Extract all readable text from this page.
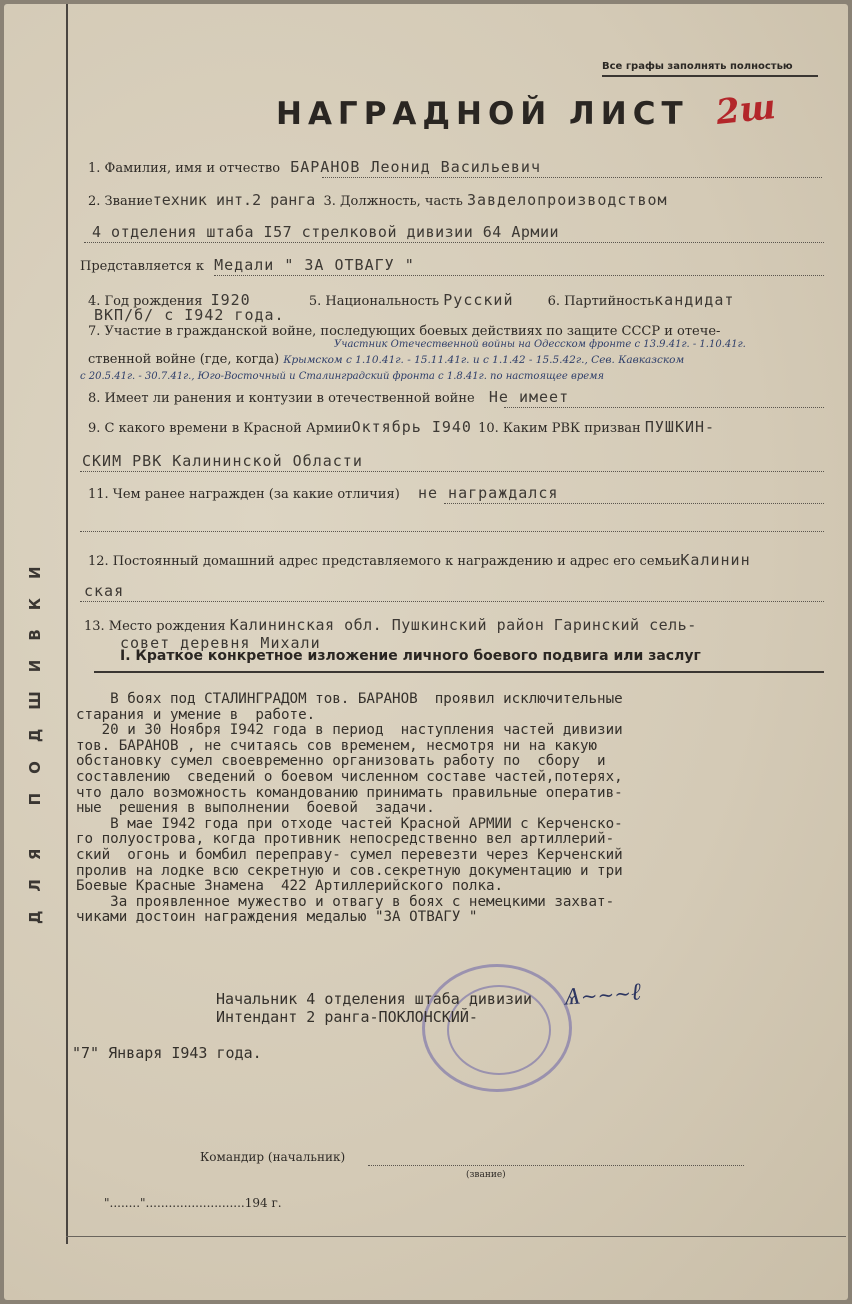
ДЛЯ ПОДШИВКИ
Все графы заполнять полностью
НАГРАДНОЙ ЛИСТ 2ш
1. Фамилия, имя и отчество БАРАНОВ Леонид Васильевич
2. Званиетехник инт.2 ранга 3. Должность, часть Завделопроизводством
4 отделения штаба I57 стрелковой дивизии 64 Армии
Представляется к Медали " ЗА ОТВАГУ "
4. Год рождения I920	5. Национальность Русский	6. Партийностькандидат
ВКП/б/ с I942 года.
7. Участие в гражданской войне, последующих боевых действиях по защите СССР и отече-
Участник Отечественной войны на Одесском фронте с 13.9.41г. - 1.10.41г.
ственной войне (где, когда) Крымском с 1.10.41г. - 15.11.41г. и с 1.1.42 - 15.5.42г., Сев. Кавказском
с 20.5.41г. - 30.7.41г., Юго-Восточный и Сталинградский фронта с 1.8.41г. по настоящее время
8. Имеет ли ранения и контузии в отечественной войне Не имеет
9. С какого времени в Красной АрмииОктябрь I940 10. Каким РВК призван ПУШКИН-
СКИМ РВК Калининской Области
11. Чем ранее награжден (за какие отличия) не награждался
12. Постоянный домашний адрес представляемого к награждению и адрес его семьиКалинин
ская
13. Место рождения Калининская обл. Пушкинский район Гаринский сель-
совет деревня Михали
I. Краткое конкретное изложение личного боевого подвига или заслуг
В боях под СТАЛИНГРАДОМ тов. БАРАНОВ  проявил исключительные
старания и умение в  работе.
20 и 30 Ноября I942 года в период  наступления частей дивизии
тов. БАРАНОВ , не считаясь сов временем, несмотря ни на какую
обстановку сумел своевременно организовать работу по  сбору  и
составлению  сведений о боевом численном составе частей,потерях,
что дало возможность командованию принимать правильные оператив-
ные  решения в выполнении  боевой  задачи.
В мае I942 года при отходе частей Красной АРМИИ с Керченско-
го полуострова, когда противник непосредственно вел артиллерий-
ский  огонь и бомбил переправу- сумел перевезти через Керченский
пролив на лодке всю секретную и сов.секретную документацию и три
Боевые Красные Знамена  422 Артиллерийского полка.
За проявленное мужество и отвагу в боях с немецкими захват-
чиками достоин награждения медалью "ЗА ОТВАГУ "
Начальник 4 отделения штаба дивизии
Интендант 2 ранга-ПОКЛОНСКИЙ-
Ѧ~~~ℓ
"7" Января I943 года.
Командир (начальник)
(звание)
"........"..........................194 г.
